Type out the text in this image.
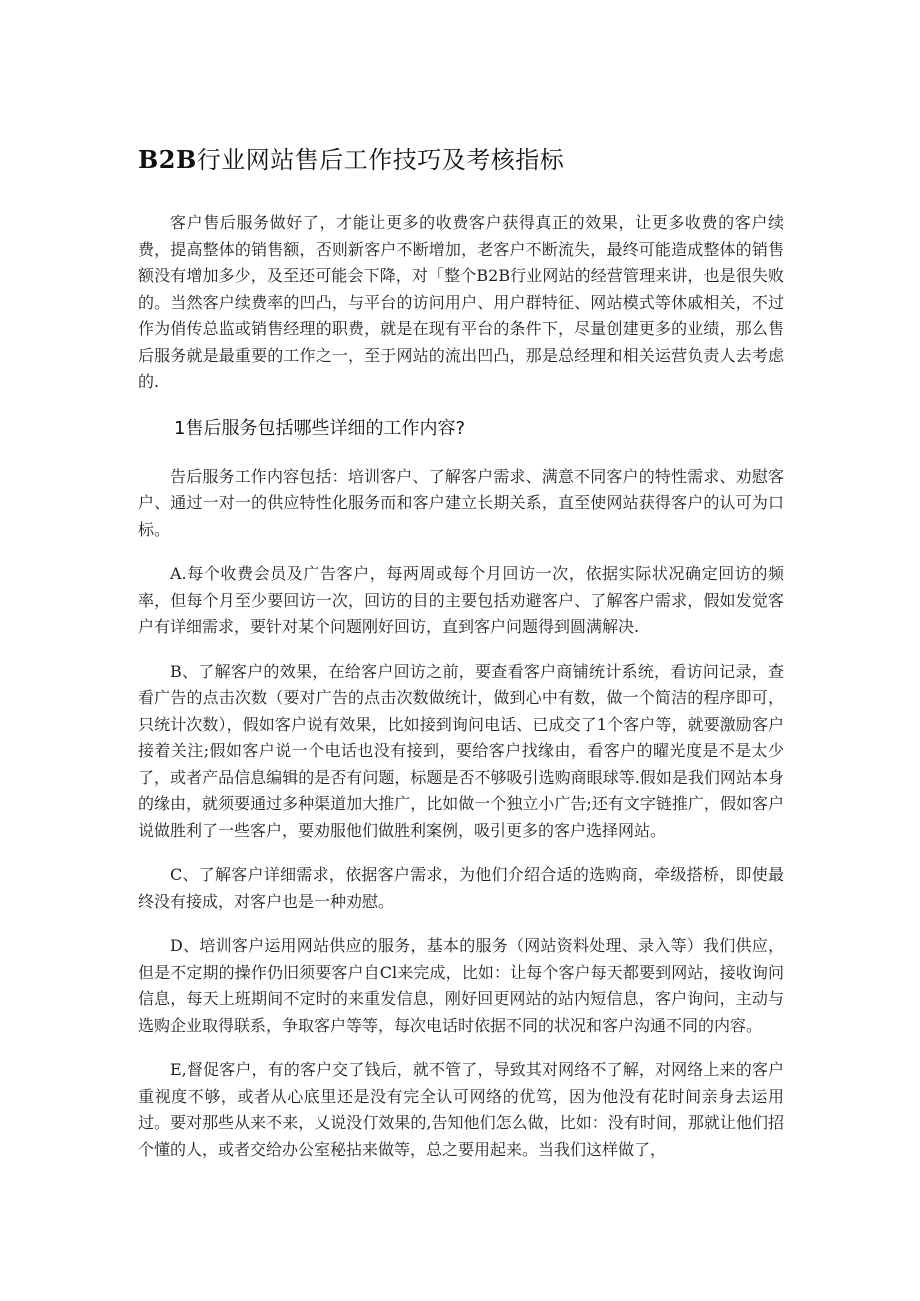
B2B行业网站售后工作技巧及考核指标

客户售后服务做好了，才能让更多的收费客户获得真正的效果，让更多收费的客户续费，提高整体的销售额，否则新客户不断增加，老客户不断流失，最终可能造成整体的销售额没有增加多少，及至还可能会下降，对「整个B2B行业网站的经营管理来讲，也是很失败的。当然客户续费率的凹凸，与平台的访问用户、用户群特征、网站模式等休戚相关，不过作为俏传总监或销售经理的职费，就是在现有平台的条件下，尽量创建更多的业绩，那么售后服务就是最重要的工作之一，至于网站的流出凹凸，那是总经理和相关运营负责人去考虑的.

1售后服务包括哪些详细的工作内容?

告后服务工作内容包括：培训客户、了解客户需求、满意不同客户的特性需求、劝慰客户、通过一对一的供应特性化服务而和客户建立长期关系，直至使网站获得客户的认可为口标。

A.每个收费会员及广告客户，每两周或每个月回访一次，依据实际状况确定回访的频率，但每个月至少要回访一次，回访的目的主要包括劝避客户、了解客户需求，假如发觉客户有详细需求，要针对某个问题刚好回访，直到客户问题得到圆满解决.

B、了解客户的效果，在给客户回访之前，要查看客户商铺统计系统，看访问记录，查看广告的点击次数（要对广告的点击次数做统计，做到心中有数，做一个简洁的程序即可，只统计次数），假如客户说有效果，比如接到询问电话、已成交了1个客户等，就要激励客户接着关注;假如客户说一个电话也没有接到，要给客户找缘由，看客户的曜光度是不是太少了，或者产品信息编辑的是否有问题，标题是否不够吸引选购商眼球等.假如是我们网站本身的缘由，就须要通过多种渠道加大推广，比如做一个独立小广告;还有文字链推广，假如客户说做胜利了一些客户，要劝服他们做胜利案例，吸引更多的客户选择网站。

C、了解客户详细需求，依据客户需求，为他们介绍合适的选购商，牵级搭桥，即使最终没有接成，对客户也是一种劝慰。

D、培训客户运用网站供应的服务，基本的服务（网站资料处理、录入等）我们供应，但是不定期的操作仍旧须要客户自Cl来完成，比如：让每个客户每天都要到网站，接收询问信息，每天上班期间不定时的来重发信息，刚好回更网站的站内短信息，客户询问，主动与选购企业取得联系，争取客户等等，每次电话时依据不同的状况和客户沟通不同的内容。

E,督促客户，有的客户交了钱后，就不管了，导致其对网络不了解，对网络上来的客户重视度不够，或者从心底里还是没有完全认可网络的优笃，因为他没有花时间亲身去运用过。要对那些从来不来，乂说没仃效果的,告知他们怎么做，比如：没有时间，那就让他们招个懂的人，或者交给办公室秘拈来做等，总之要用起来。当我们这样做了，
